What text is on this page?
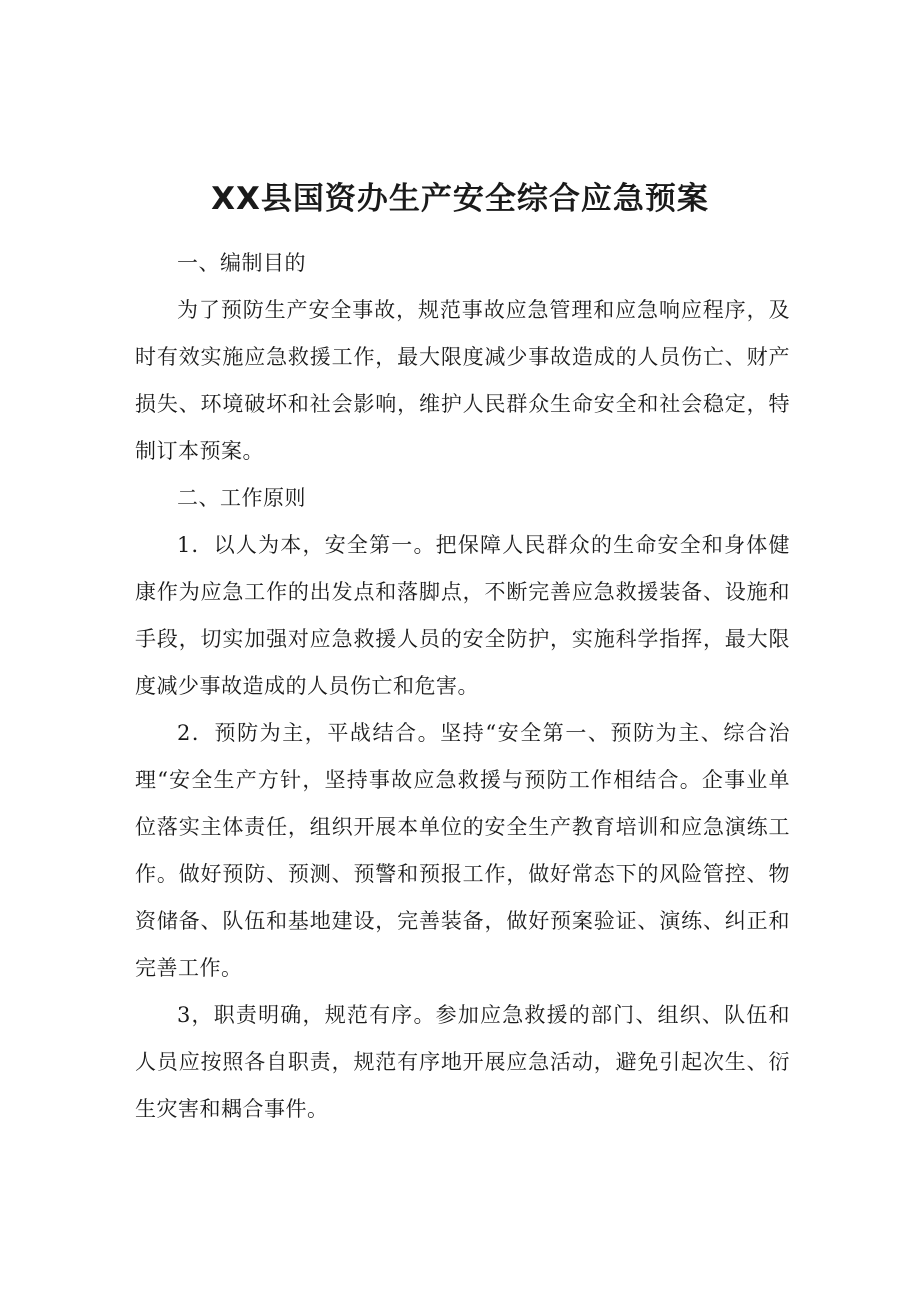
XX县国资办生产安全综合应急预案

一、编制目的

为了预防生产安全事故，规范事故应急管理和应急响应程序，及时有效实施应急救援工作，最大限度减少事故造成的人员伤亡、财产损失、环境破坏和社会影响，维护人民群众生命安全和社会稳定，特制订本预案。

二、工作原则

1．以人为本，安全第一。把保障人民群众的生命安全和身体健康作为应急工作的出发点和落脚点，不断完善应急救援装备、设施和手段，切实加强对应急救援人员的安全防护，实施科学指挥，最大限度减少事故造成的人员伤亡和危害。

2．预防为主，平战结合。坚持“安全第一、预防为主、综合治理“安全生产方针，坚持事故应急救援与预防工作相结合。企事业单位落实主体责任，组织开展本单位的安全生产教育培训和应急演练工作。做好预防、预测、预警和预报工作，做好常态下的风险管控、物资储备、队伍和基地建设，完善装备，做好预案验证、演练、纠正和完善工作。

3，职责明确，规范有序。参加应急救援的部门、组织、队伍和人员应按照各自职责，规范有序地开展应急活动，避免引起次生、衍生灾害和耦合事件。
